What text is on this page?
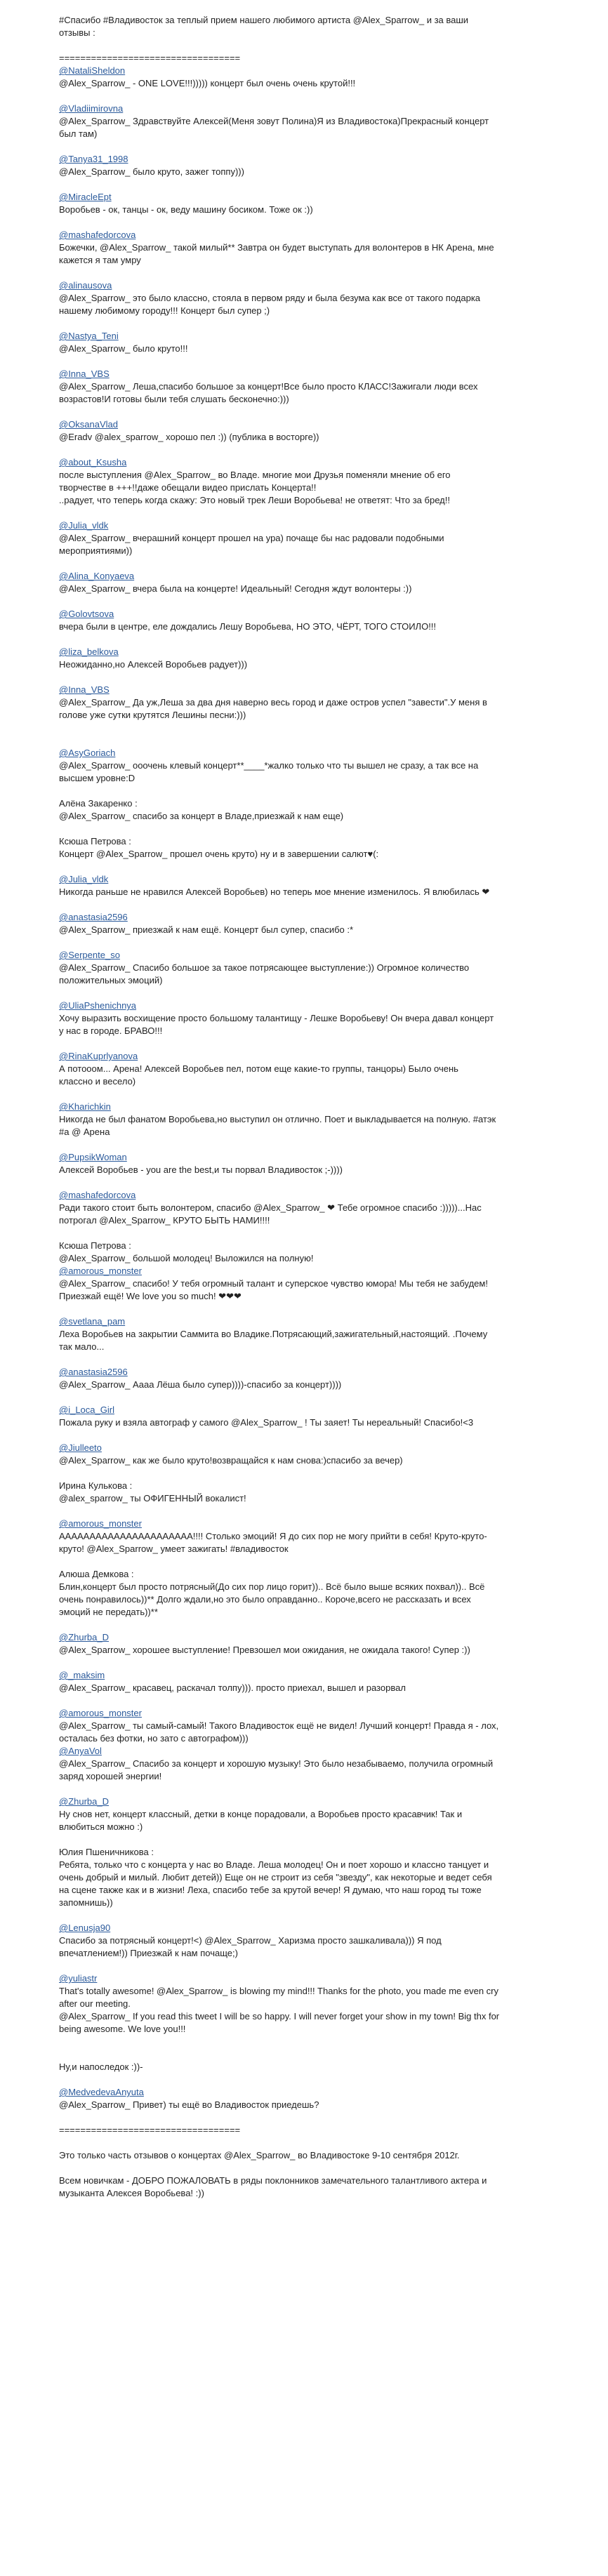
#Спасибо #Владивосток за теплый прием нашего любимого артиста @Alex_Sparrow_ и за ваши
отзывы :
==================================
@NataliSheldon
@Alex_Sparrow_ - ONE LOVE!!!))))) концерт был очень очень крутой!!!
@Vladiimirovna
@Alex_Sparrow_ Здравствуйте Алексей(Меня зовут Полина)Я из Владивостока)Прекрасный концерт
был там)
@Tanya31_1998
@Alex_Sparrow_ было круто, зажег топпу)))
@MiracleEpt
Воробьев - ок, танцы - ок, веду машину босиком. Тоже ок :))
@mashafedorcova
Божечки, @Alex_Sparrow_ такой милый** Завтра он будет выступать для волонтеров в НК Арена, мне
кажется я там умру
@alinausova
@Alex_Sparrow_ это было классно, стояла в первом ряду и была безума как все от такого подарка
нашему любимому городу!!! Концерт был супер ;)
@Nastya_Teni
@Alex_Sparrow_ было круто!!!
@Inna_VBS
@Alex_Sparrow_ Леша,спасибо большое за концерт!Все было просто КЛАСС!Зажигали люди всех
возрастов!И готовы были тебя слушать бесконечно:)))
@OksanaVlad
@Eradv @alex_sparrow_ хорошо пел :)) (публика в восторге))
@about_Ksusha
после выступления @Alex_Sparrow_ во Владе. многие мои Друзья поменяли мнение об его
творчестве в +++!!даже обещали видео прислать Концерта!!
..радует, что теперь когда скажу: Это новый трек Леши Воробьева! не ответят: Что за бред!!
@Julia_vldk
@Alex_Sparrow_ вчерашний концерт прошел на ура) почаще бы нас радовали подобными
мероприятиями))
@Alina_Konyaeva
@Alex_Sparrow_ вчера была на концерте! Идеальный! Сегодня ждут волонтеры :))
@Golovtsova
вчера были в центре, еле дождались Лешу Воробьева, НО ЭТО, ЧЁРТ, ТОГО СТОИЛО!!!
@liza_belkova
Неожиданно,но Алексей Воробьев радует)))
@Inna_VBS
@Alex_Sparrow_ Да уж,Леша за два дня наверно весь город и даже остров успел "завести".У меня в
голове уже сутки крутятся Лешины песни:)))
@AsyGoriach
@Alex_Sparrow_ ооочень клевый концерт**____*жалко только что ты вышел не сразу, а так все на
высшем уровне:D
Алёна Закаренко :
@Alex_Sparrow_ спасибо за концерт в Владе,приезжай к нам еще)
Ксюша Петрова :
Концерт @Alex_Sparrow_ прошел очень круто) ну и в завершении салют♥(:
@Julia_vldk
Никогда раньше не нравился Алексей Воробьев) но теперь мое мнение изменилось. Я влюбилась ❤
@anastasia2596
@Alex_Sparrow_ приезжай к нам ещё. Концерт был супер, спасибо :*
@Serpente_so
@Alex_Sparrow_ Спасибо большое за такое потрясающее выступление:)) Огромное количество
положительных эмоций)
@UliaPshenichnya
Хочу выразить восхищение просто большому талантищу - Лешке Воробьеву! Он вчера давал концерт
у нас в городе. БРАВО!!!
@RinaKuprlyanova
А потооом... Арена! Алексей Воробьев пел, потом еще какие-то группы, танцоры) Было очень
классно и весело)
@Kharichkin
Никогда не был фанатом Воробьева,но выступил он отлично. Поет и выкладывается на полную. #атэк
#а @ Арена
@PupsikWoman
Алексей Воробьев - you are the best,и ты порвал Владивосток ;-))))
@mashafedorcova
Ради такого стоит быть волонтером, спасибо @Alex_Sparrow_ ❤ Тебе огромное спасибо :)))))...Нас
потрогал @Alex_Sparrow_ КРУТО БЫТЬ НАМИ!!!!
Ксюша Петрова :
@Alex_Sparrow_ большой молодец! Выложился на полную!
@amorous_monster
@Alex_Sparrow_ спасибо! У тебя огромный талант и суперское чувство юмора! Мы тебя не забудем!
Приезжай ещё! We love you so much! ❤❤❤
@svetlana_pam
Леха Воробьев на закрытии Саммита во Владике.Потрясающий,зажигательный,настоящий. .Почему
так мало...
@anastasia2596
@Alex_Sparrow_ Аааа Лёша было супер))))-спасибо за концерт))))
@i_Loca_Girl
Пожала руку и взяла автограф у самого @Alex_Sparrow_ ! Ты заяет! Ты нереальный! Спасибо!<3
@Jiulleeto
@Alex_Sparrow_ как же было круто!возвращайся к нам снова:)спасибо за вечер)
Ирина Кулькова :
@alex_sparrow_ ты ОФИГЕННЫЙ вокалист!
@amorous_monster
АААААААААААААААААААААА!!!! Столько эмоций! Я до сих пор не могу прийти в себя! Круто-круто-
круто! @Alex_Sparrow_ умеет зажигать! #владивосток
Алюша Демкова :
Блин,концерт был просто потрясный(До сих пор лицо горит)).. Всё было выше всяких похвал)).. Всё
очень понравилось))** Долго ждали,но это было оправданно.. Короче,всего не рассказать и всех
эмоций не передать))**
@Zhurba_D
@Alex_Sparrow_ хорошее выступление! Превзошел мои ожидания, не ожидала такого! Супер :))
@_maksim
@Alex_Sparrow_ красавец, раскачал толпу))). просто приехал, вышел и разорвал
@amorous_monster
@Alex_Sparrow_ ты самый-самый! Такого Владивосток ещё не видел! Лучший концерт! Правда я - лох,
осталась без фотки, но зато с автографом)))
@AnyaVol
@Alex_Sparrow_ Спасибо за концерт и хорошую музыку! Это было незабываемо, получила огромный
заряд хорошей энергии!
@Zhurba_D
Ну снов нет, концерт классный, детки в конце порадовали, а Воробьев просто красавчик! Так и
влюбиться можно :)
Юлия Пшеничникова :
Ребята, только что с концерта у нас во Владе. Леша молодец! Он и поет хорошо и классно танцует и
очень добрый и милый. Любит детей)) Еще он не строит из себя "звезду", как некоторые и ведет себя
на сцене также как и в жизни! Леха, спасибо тебе за крутой вечер! Я думаю, что наш город ты тоже
запомнишь))
@Lenusja90
Спасибо за потрясный концерт!<) @Alex_Sparrow_ Харизма просто зашкаливала))) Я под
впечатлением!)) Приезжай к нам почаще;)
@yuliastr
That's totally awesome! @Alex_Sparrow_ is blowing my mind!!! Thanks for the photo, you made me even cry
after our meeting.
@Alex_Sparrow_ If you read this tweet I will be so happy. I will never forget your show in my town! Big thx for
being awesome. We love you!!!
Ну,и напоследок :))-
@MedvedevaAnyuta
@Alex_Sparrow_ Привет) ты ещё во Владивосток приедешь?
==================================
Это только часть отзывов о концертах @Alex_Sparrow_ во Владивостоке 9-10 сентября 2012г.
Всем новичкам - ДОБРО ПОЖАЛОВАТЬ в ряды поклонников замечательного талантливого актера и
музыканта Алексея Воробьева! :))
